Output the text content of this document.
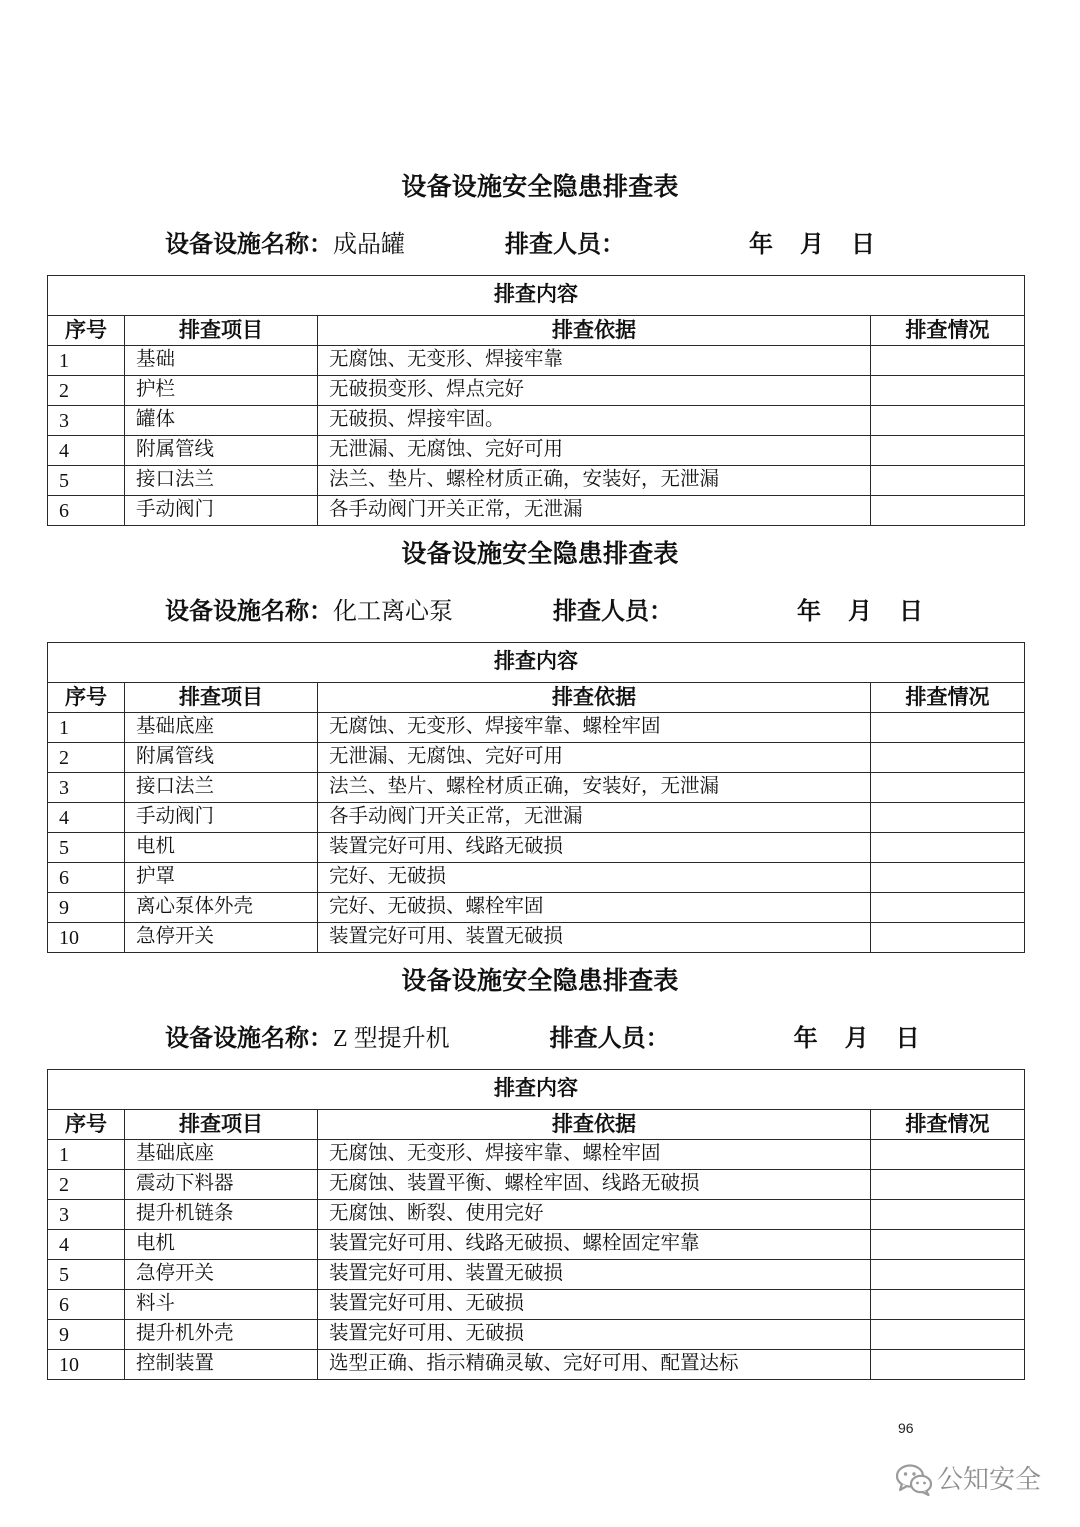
设备设施安全隐患排查表
设备设施名称：成品罐	排查人员：	年 月 日
排查内容
序号	排查项目	排查依据	排查情况
1	基础	无腐蚀、无变形、焊接牢靠
2	护栏	无破损变形、焊点完好
3	罐体	无破损、焊接牢固。
4	附属管线	无泄漏、无腐蚀、完好可用
5	接口法兰	法兰、垫片、螺栓材质正确，安装好，无泄漏
6	手动阀门	各手动阀门开关正常，无泄漏
设备设施安全隐患排查表
设备设施名称：化工离心泵	排查人员：	年 月 日
排查内容
序号	排查项目	排查依据	排查情况
1	基础底座	无腐蚀、无变形、焊接牢靠、螺栓牢固
2	附属管线	无泄漏、无腐蚀、完好可用
3	接口法兰	法兰、垫片、螺栓材质正确，安装好，无泄漏
4	手动阀门	各手动阀门开关正常，无泄漏
5	电机	装置完好可用、线路无破损
6	护罩	完好、无破损
9	离心泵体外壳	完好、无破损、螺栓牢固
10	急停开关	装置完好可用、装置无破损
设备设施安全隐患排查表
设备设施名称：Z 型提升机	排查人员：	年 月 日
排查内容
序号	排查项目	排查依据	排查情况
1	基础底座	无腐蚀、无变形、焊接牢靠、螺栓牢固
2	震动下料器	无腐蚀、装置平衡、螺栓牢固、线路无破损
3	提升机链条	无腐蚀、断裂、使用完好
4	电机	装置完好可用、线路无破损、螺栓固定牢靠
5	急停开关	装置完好可用、装置无破损
6	料斗	装置完好可用、无破损
9	提升机外壳	装置完好可用、无破损
10	控制装置	选型正确、指示精确灵敏、完好可用、配置达标
96
公知安全
